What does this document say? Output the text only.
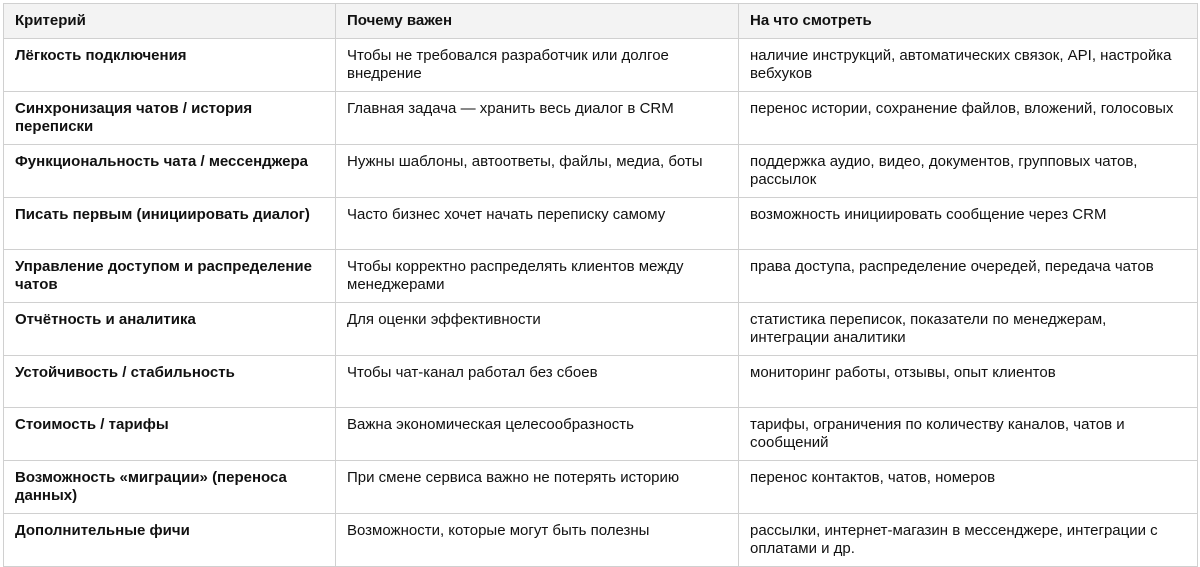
Критерий	Почему важен	На что смотреть
Лёгкость подключения	Чтобы не требовался разработчик или долгое внедрение	наличие инструкций, автоматических связок, API, настройка вебхуков
Синхронизация чатов / история переписки	Главная задача — хранить весь диалог в CRM	перенос истории, сохранение файлов, вложений, голосовых
Функциональность чата / мессенджера	Нужны шаблоны, автоответы, файлы, медиа, боты	поддержка аудио, видео, документов, групповых чатов, рассылок
Писать первым (инициировать диалог)	Часто бизнес хочет начать переписку самому	возможность инициировать сообщение через CRM
Управление доступом и распределение чатов	Чтобы корректно распределять клиентов между менеджерами	права доступа, распределение очередей, передача чатов
Отчётность и аналитика	Для оценки эффективности	статистика переписок, показатели по менеджерам, интеграции аналитики
Устойчивость / стабильность	Чтобы чат-канал работал без сбоев	мониторинг работы, отзывы, опыт клиентов
Стоимость / тарифы	Важна экономическая целесообразность	тарифы, ограничения по количеству каналов, чатов и сообщений
Возможность «миграции» (переноса данных)	При смене сервиса важно не потерять историю	перенос контактов, чатов, номеров
Дополнительные фичи	Возможности, которые могут быть полезны	рассылки, интернет-магазин в мессенджере, интеграции с оплатами и др.
